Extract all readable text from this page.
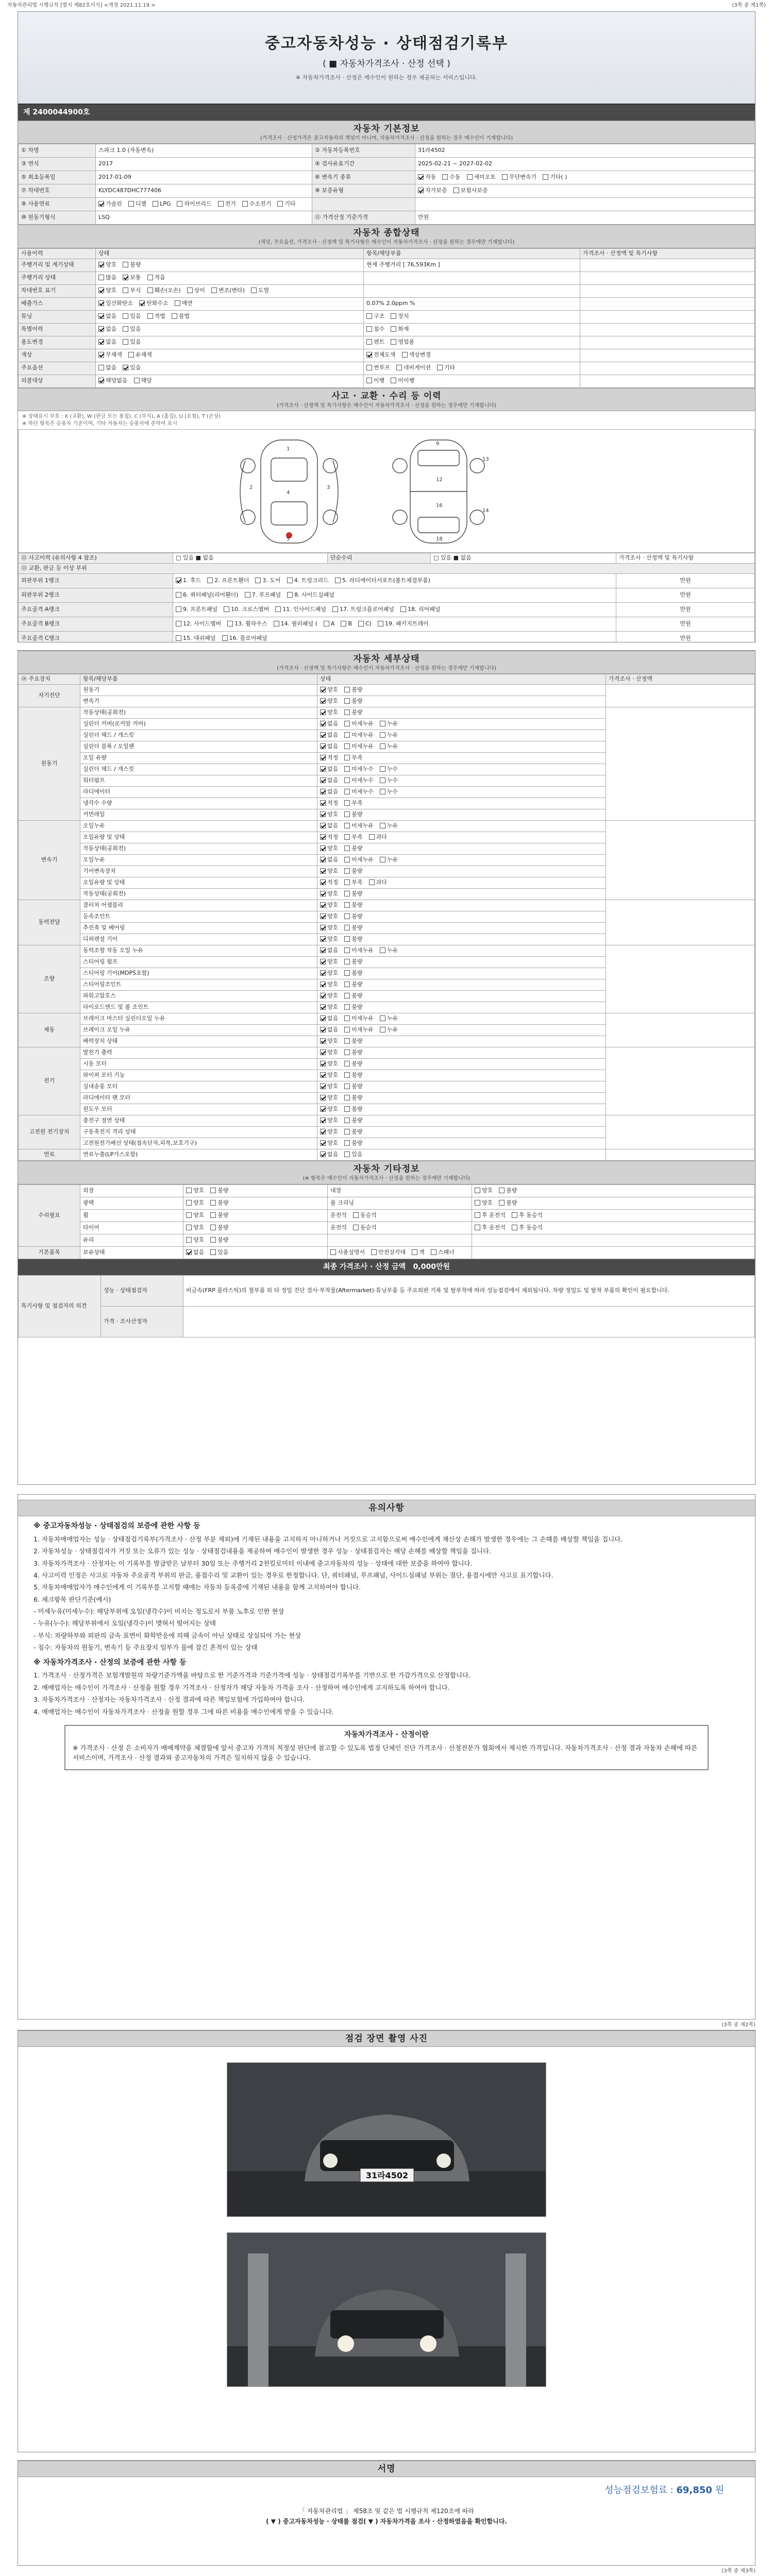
자동차관리법 시행규칙 [별지 제82호서식] <개정 2021.11.19.>	(3쪽 중 제1쪽)
중고자동차성능 · 상태점검기록부
( ■ 자동차가격조사 · 산정 선택 )
※ 자동차가격조사 · 산정은 매수인이 원하는 경우 제공하는 서비스입니다.
제 2400044900호
자동차 기본정보
(가격조사 · 산정가격은 중고자동차의 책임이 아니며, 자동차가격조사 · 산정을 원하는 경우 매수인이 기재합니다)
① 차명	스파크 1.0 (자동변속)	② 자동차등록번호	31라4502
③ 연식	2017	④ 검사유효기간	2025-02-21 ~ 2027-02-02
⑤ 최초등록일	2017-01-09	⑥ 변속기 종류	자동 수동 세미오토 무단변속기 기타( )
⑦ 차대번호	KLYDC487DHC777406	⑧ 보증유형	자가보증 보험사보증
⑨ 사용연료	가솔린 디젤 LPG 하이브리드 전기 수소전기 기타		
⑩ 원동기형식	LSQ	⑪ 가격산정 기준가격	만원
자동차 종합상태
(색상, 주요옵션, 가격조사 · 산정액 및 특기사항은 매수인이 자동차가격조사 · 산정을 원하는 경우에만 기재합니다)
사용이력	상태	항목/해당부품	가격조사 · 산정액 및 특기사항
주행거리 및 계기상태	양호 불량	현재 주행거리 [ 76,593Km ]	
주행거리 상태	많음 보통 적음		
차대번호 표기	양호 부식 훼손(오손) 상이 변조(변타) 도말		
배출가스	일산화탄소 탄화수소 매연	0.07% 2.0ppm %	
튜닝	없음 있음 적법 불법	구조 장치	
특별이력	없음 있음	침수 화재	
용도변경	없음 있음	렌트 영업용	
색상	무채색 유채색	전체도색 색상변경	
주요옵션	없음 있음	썬루프 네비게이션 기타	
리콜대상	해당없음 해당	이행 미이행	
사고 · 교환 · 수리 등 이력
(가격조사 · 산정액 및 특기사항은 매수인이 자동차가격조사 · 산정을 원하는 경우에만 기재합니다)
※ 상태표시 부호 : X (교환), W (판금 또는 용접), C (부식), A (흠집), U (요철), T (손상)
※ 하단 항목은 승용차 기준이며, 기타 자동차는 승용차에 준하여 표시
1
2	3
4
5
9
12
16
18
13
14
⑫ 사고이력 (유의사항 4 참조)	□ 있음 ■ 없음	단순수리	□ 있음 ■ 없음	가격조사 · 산정액 및 특기사항
⑬ 교환, 판금 등 이상 부위				
외판부위 1랭크	1. 후드 2. 프론트휀더 3. 도어 4. 트렁크리드 5. 라디에이터서포트(볼트체결부품)			만원
외판부위 2랭크	6. 쿼터패널(리어휀더) 7. 루프패널 8. 사이드실패널			만원
주요골격 A랭크	9. 프론트패널 10. 크로스멤버 11. 인사이드패널 17. 트렁크플로어패널 18. 리어패널			만원
주요골격 B랭크	12. 사이드멤버 13. 휠하우스 14. 필러패널 ( A B C) 19. 패키지트레이			만원
주요골격 C랭크	15. 대쉬패널 16. 플로어패널			만원
자동차 세부상태
(가격조사 · 산정액 및 특기사항은 매수인이 자동차가격조사 · 산정을 원하는 경우에만 기재합니다)
⑭ 주요장치	항목/해당부품	상태	가격조사 · 산정액
자기진단	원동기	양호 불량	
	변속기	양호 불량	
원동기	작동상태(공회전)	양호 불량	
	실린더 커버(로커암 커버)	없음 미세누유 누유	
	실린더 헤드 / 개스킷	없음 미세누유 누유	
	실린더 블록 / 오일팬	없음 미세누유 누유	
	오일 유량	적정 부족	
	실린더 헤드 / 개스킷	없음 미세누수 누수	
	워터펌프	없음 미세누수 누수	
	라디에이터	없음 미세누수 누수	
	냉각수 수량	적정 부족	
	커먼레일	양호 불량	
변속기	오일누유	없음 미세누유 누유	
	오일유량 및 상태	적정 부족 과다	
	작동상태(공회전)	양호 불량	
	오일누유	없음 미세누유 누유	
	기어변속장치	양호 불량	
	오일유량 및 상태	적정 부족 과다	
	작동상태(공회전)	양호 불량	
동력전달	클러치 어셈블리	양호 불량	
	등속조인트	양호 불량	
	추진축 및 베어링	양호 불량	
	디퍼렌셜 기어	양호 불량	
조향	동력조향 작동 오일 누유	없음 미세누유 누유	
	스티어링 펌프	양호 불량	
	스티어링 기어(MDPS포함)	양호 불량	
	스티어링조인트	양호 불량	
	파워고압호스	양호 불량	
	타이로드엔드 및 볼 조인트	양호 불량	
제동	브레이크 마스터 실린더오일 누유	없음 미세누유 누유	
	브레이크 오일 누유	없음 미세누유 누유	
	배력장치 상태	양호 불량	
전기	발전기 출력	양호 불량	
	시동 모터	양호 불량	
	와이퍼 모터 기능	양호 불량	
	실내송풍 모터	양호 불량	
	라디에이터 팬 모터	양호 불량	
	윈도우 모터	양호 불량	
고전원 전기장치	충전구 절연 상태	양호 불량	
	구동축전지 격리 상태	양호 불량	
	고전원전기배선 상태(접속단자,피복,보호기구)	양호 불량	
연료	연료누출(LP가스포함)	없음 있음	
자동차 기타정보
(※ 항목은 매수인이 자동차가격조사 · 산정을 원하는 경우에만 기재합니다)
수리필요	외장	양호 불량	내장	양호 불량
	광택	양호 불량	룸 크리닝	양호 불량
	휠	양호 불량	운전석 동승석	후 운전석 후 동승석
	타이어	양호 불량	운전석 동승석	후 운전석 후 동승석
	유리	양호 불량		
기본품목	보유상태	없음 있음	사용설명서 안전삼각대 잭 스패너	
최종 가격조사 · 산정 금액 0,000만원
특기사항 및 점검자의 의견	성능 · 상태점검자	비금속(FRP 플라스틱)의 철부품 외 타 정밀 진단 검사·부착물(Aftermarket)·튜닝부품 등 주요외판 기록 및 탈부착에 따라 성능점검에서 제외됩니다. 차량 정밀도 및 탈착 부품의 확인이 필요합니다.
	가격 · 조사산정자	
유의사항
※ 중고자동차성능 · 상태점검의 보증에 관한 사항 등

1. 자동차매매업자는 성능 · 상태점검기록부(가격조사 · 산정 부분 제외)에 기재된 내용을 고지하지 아니하거나 거짓으로 고지함으로써 매수인에게 재산상 손해가 발생한 경우에는 그 손해를 배상할 책임을 집니다.

2. 자동차성능 · 상태점검자가 거짓 또는 오류가 있는 성능 · 상태점검내용을 제공하여 매수인이 발생한 경우 성능 · 상태점검자는 해당 손해를 배상할 책임을 집니다.

3. 자동차가격조사 · 산정자는 이 기록부를 발급받은 날부터 30일 또는 주행거리 2천킬로미터 이내에 중고자동차의 성능 · 상태에 대한 보증을 하여야 합니다.

4. 사고이력 인정은 사고로 자동차 주요골격 부위의 판금, 용접수리 및 교환이 있는 경우로 한정합니다. 단, 쿼터패널, 루프패널, 사이드실패널 부위는 절단, 용접시에만 사고로 표기합니다.

5. 자동차매매업자가 매수인에게 이 기록부를 고지할 때에는 자동차 등록증에 기재된 내용을 함께 고지하여야 합니다.

6. 체크항목 판단기준(예시)

- 미세누유(미세누수): 해당부위에 오일(냉각수)이 비치는 정도로서 부품 노후로 인한 현상

- 누유(누수): 해당부위에서 오일(냉각수)이 맺혀서 떨어지는 상태

- 부식: 차량하부와 외판의 금속 표면이 화학반응에 의해 금속이 아닌 상태로 상실되어 가는 현상

- 침수: 자동차의 원동기, 변속기 등 주요장치 일부가 물에 잠긴 흔적이 있는 상태

※ 자동차가격조사 · 산정의 보증에 관한 사항 등

1. 가격조사 · 산정가격은 보험개발원의 차량기준가액을 바탕으로 한 기준가격과 기준가격에 성능 · 상태점검기록부를 기반으로 한 가감가격으로 산정합니다.

2. 매매업자는 매수인이 가격조사 · 산정을 원할 경우 가격조사 · 산정자가 해당 자동차 가격을 조사 · 산정하여 매수인에게 고지하도록 하여야 합니다.

3. 자동차가격조사 · 산정자는 자동차가격조사 · 산정 결과에 따른 책임보험에 가입하여야 합니다.

4. 매매업자는 매수인이 자동차가격조사 · 산정을 원할 경우 그에 따른 비용을 매수인에게 받을 수 있습니다.

자동차가격조사 · 산정이란

※ 가격조사 · 산정 은 소비자가 매매계약을 체결함에 앞서 중고차 가격의 적정성 판단에 참고할 수 있도록 법정 단체인 진단 가격조사 · 산정전문가 협회에서 제시한 가격입니다. 자동차가격조사 · 산정 결과 자동차 손해에 따른 서비스이며, 가격조사 · 산정 결과와 중고자동차의 가격은 일치하지 않을 수 있습니다.

(3쪽 중 제2쪽)
점검 장면 촬영 사진
31라4502
서명
성능점검보험료 : 69,850 원
「 자동차관리법 」 제58조 및 같은 법 시행규칙 제120조에 따라
( ▼ ) 중고자동차성능 · 상태를 점검( ▼ ) 자동차가격을 조사 · 산정하였음을 확인합니다.
(3쪽 중 제3쪽)
